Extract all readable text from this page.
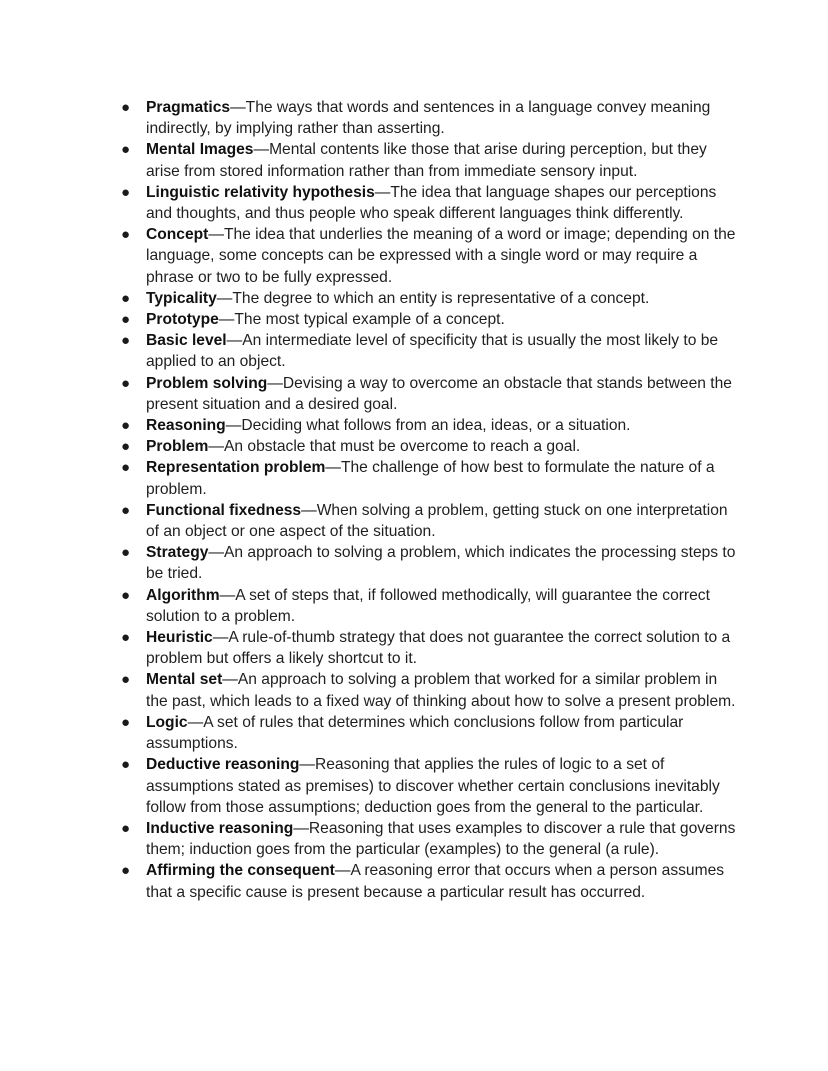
● Pragmatics—The ways that words and sentences in a language convey meaning indirectly, by implying rather than asserting.
● Mental Images—Mental contents like those that arise during perception, but they arise from stored information rather than from immediate sensory input.
● Linguistic relativity hypothesis—The idea that language shapes our perceptions and thoughts, and thus people who speak different languages think differently.
● Concept—The idea that underlies the meaning of a word or image; depending on the language, some concepts can be expressed with a single word or may require a phrase or two to be fully expressed.
● Typicality—The degree to which an entity is representative of a concept.
● Prototype—The most typical example of a concept.
● Basic level—An intermediate level of specificity that is usually the most likely to be applied to an object.
● Problem solving—Devising a way to overcome an obstacle that stands between the present situation and a desired goal.
● Reasoning—Deciding what follows from an idea, ideas, or a situation.
● Problem—An obstacle that must be overcome to reach a goal.
● Representation problem—The challenge of how best to formulate the nature of a problem.
● Functional fixedness—When solving a problem, getting stuck on one interpretation of an object or one aspect of the situation.
● Strategy—An approach to solving a problem, which indicates the processing steps to be tried.
● Algorithm—A set of steps that, if followed methodically, will guarantee the correct solution to a problem.
● Heuristic—A rule-of-thumb strategy that does not guarantee the correct solution to a problem but offers a likely shortcut to it.
● Mental set—An approach to solving a problem that worked for a similar problem in the past, which leads to a fixed way of thinking about how to solve a present problem.
● Logic—A set of rules that determines which conclusions follow from particular assumptions.
● Deductive reasoning—Reasoning that applies the rules of logic to a set of assumptions stated as premises) to discover whether certain conclusions inevitably follow from those assumptions; deduction goes from the general to the particular.
● Inductive reasoning—Reasoning that uses examples to discover a rule that governs them; induction goes from the particular (examples) to the general (a rule).
● Affirming the consequent—A reasoning error that occurs when a person assumes that a specific cause is present because a particular result has occurred.
